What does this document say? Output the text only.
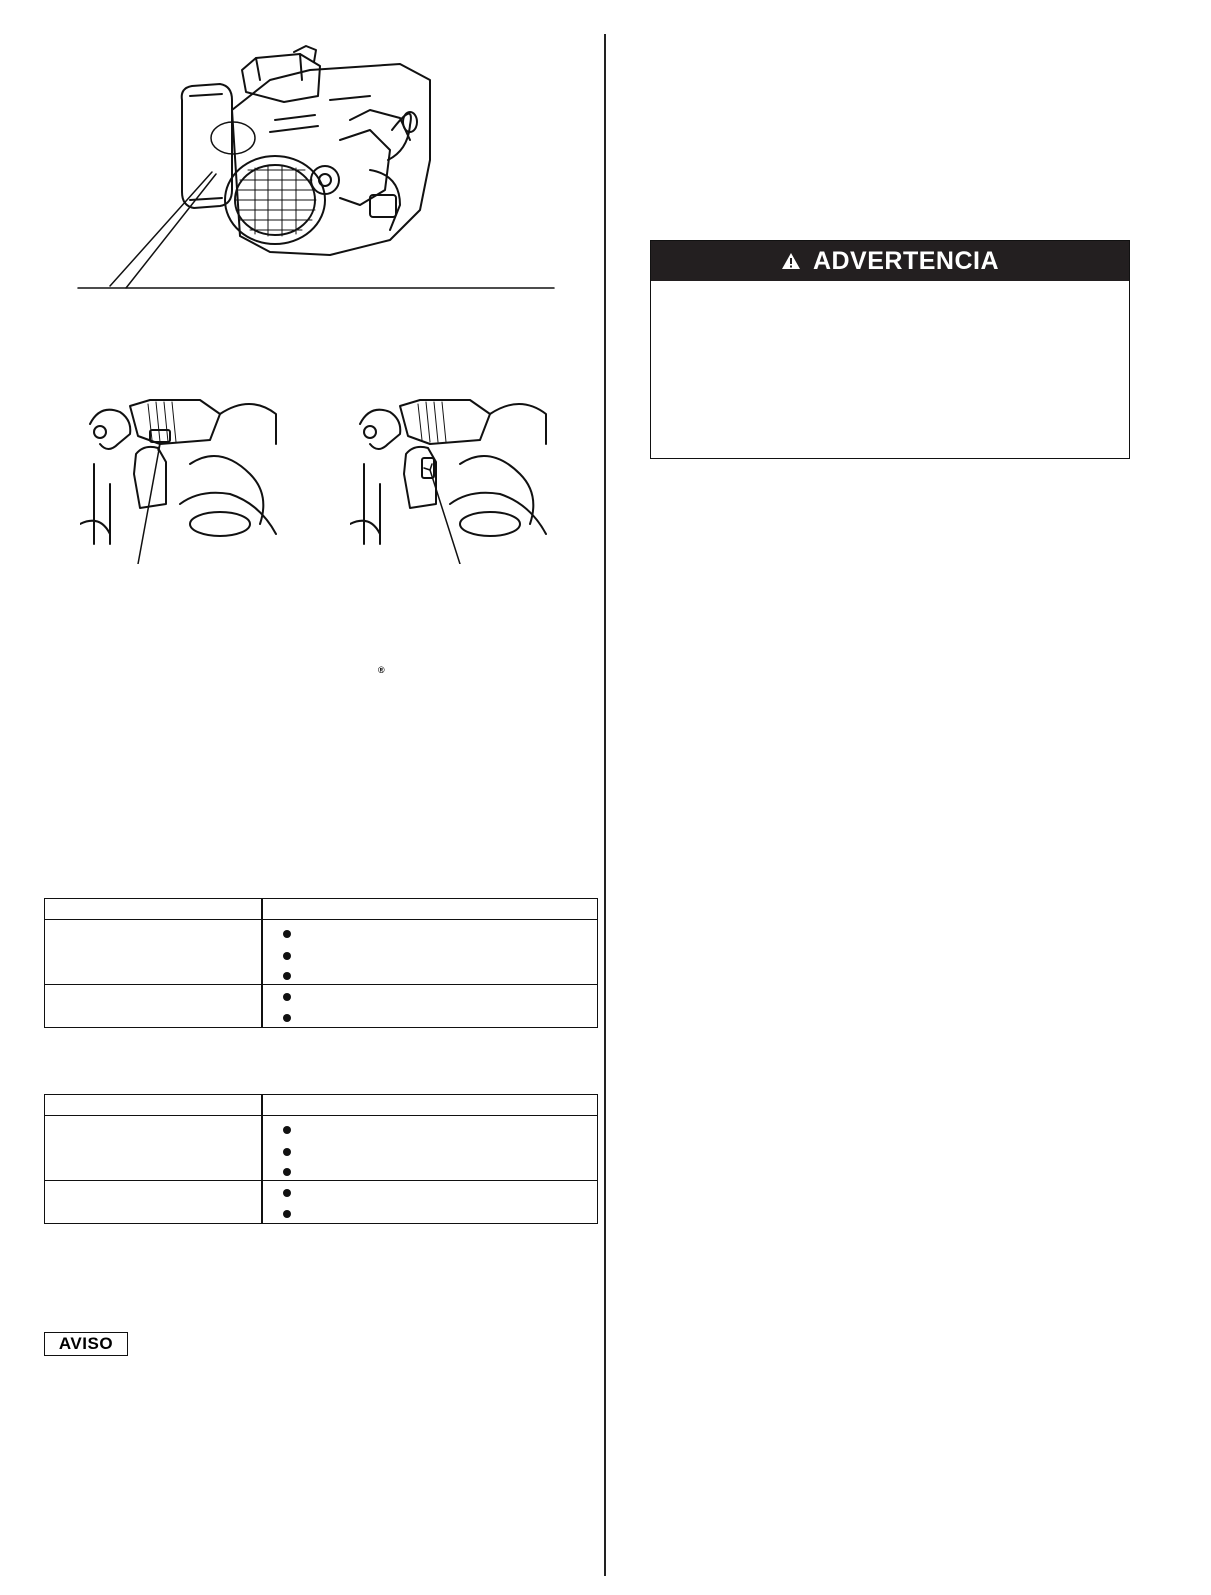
®
AVISO
ADVERTENCIA
